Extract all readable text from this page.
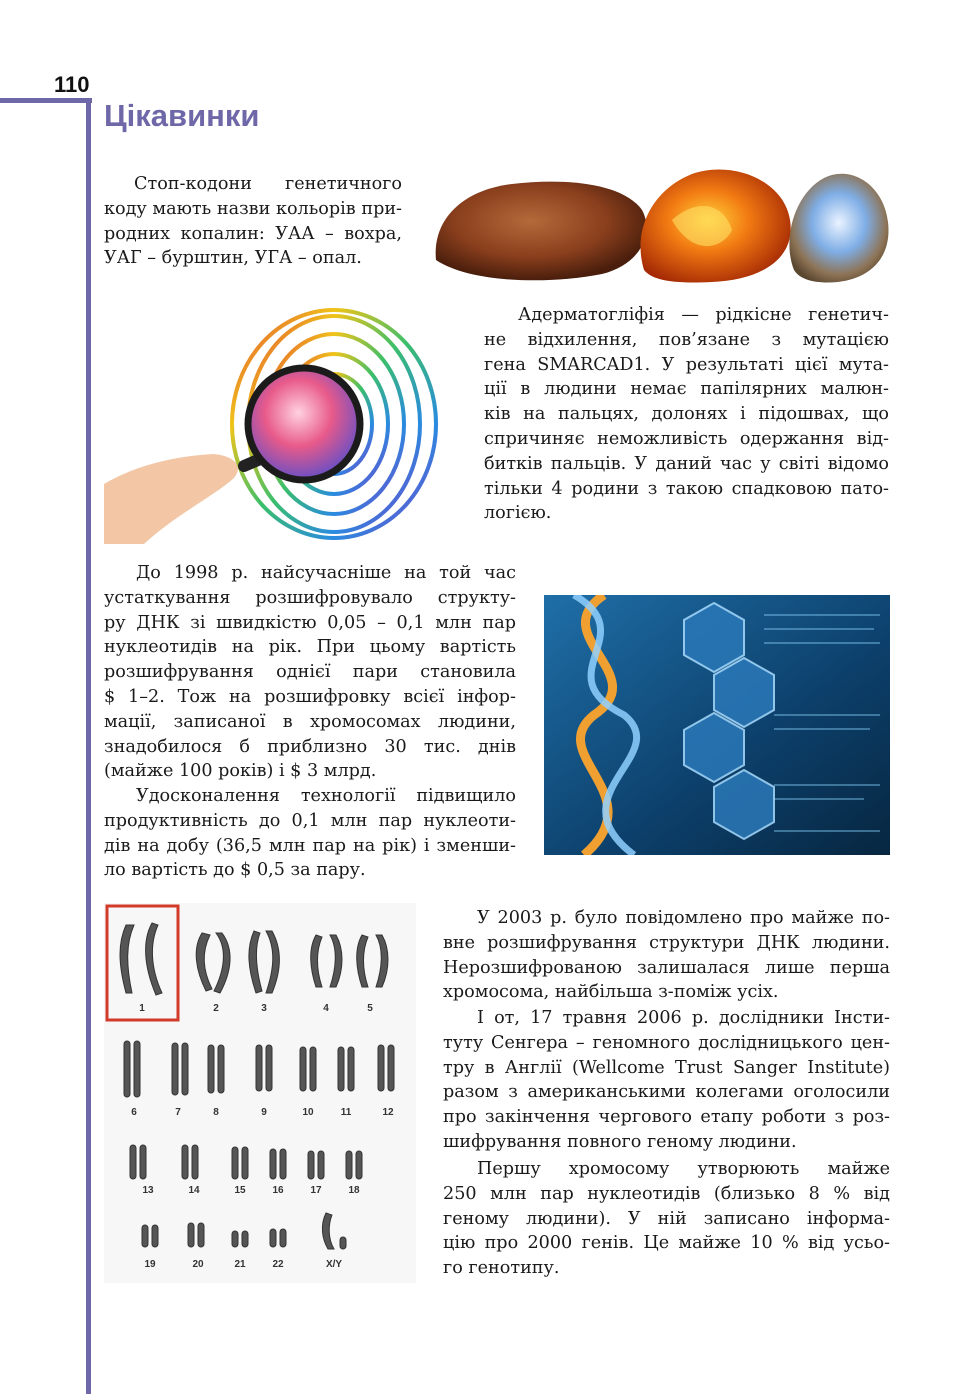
110
Цікавинки

Стоп-кодони генетичного
коду мають назви кольорів при-
родних копалин: УАА – вохра,
УАГ – бурштин, УГА – опал.

Адерматогліфія — рідкісне генетич-
не відхилення, пов’язане з мутацією
гена SMARCAD1. У результаті цієї мута-
ції в людини немає папілярних малюн-
ків на пальцях, долонях і підошвах, що
спричиняє неможливість одержання від-
битків пальців. У даний час у світі відомо
тільки 4 родини з такою спадковою пато-
логією.

До 1998 р. найсучасніше на той час
устаткування розшифровувало структу-
ру ДНК зі швидкістю 0,05 – 0,1 млн пар
нуклеотидів на рік. При цьому вартість
розшифрування однієї пари становила
$ 1–2. Тож на розшифровку всієї інфор-
мації, записаної в хромосомах людини,
знадобилося б приблизно 30 тис. днів
(майже 100 років) і $ 3 млрд.

Удосконалення технології підвищило
продуктивність до 0,1 млн пар нуклеоти-
дів на добу (36,5 млн пар на рік) і зменши-
ло вартість до $ 0,5 за пару.

1	2	3	4	5
6	7	8	9	10	11	12
13	14	15	16	17	18
19	20	21	22	X/Y

У 2003 р. було повідомлено про майже по-
вне розшифрування структури ДНК людини.
Нерозшифрованою залишалася лише перша
хромосома, найбільша з-поміж усіх.

І от, 17 травня 2006 р. дослідники Інсти-
туту Сенгера – геномного дослідницького цен-
тру в Англії (Wellcome Trust Sanger Institute)
разом з американськими колегами оголосили
про закінчення чергового етапу роботи з роз-
шифрування повного геному людини.

Першу хромосому утворюють майже
250 млн пар нуклеотидів (близько 8 % від
геному людини). У ній записано інформа-
цію про 2000 генів. Це майже 10 % від усьо-
го генотипу.
